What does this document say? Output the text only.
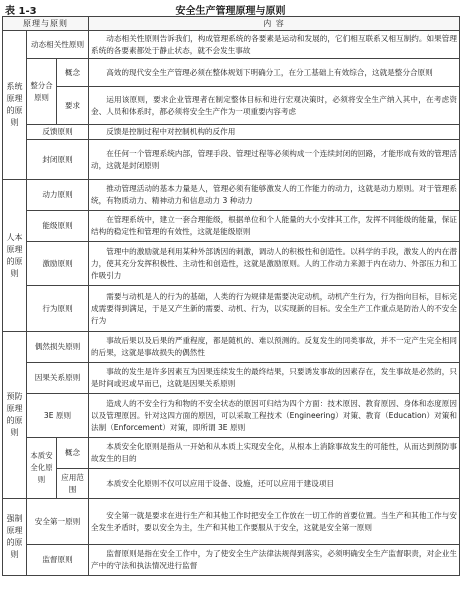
表 1-3	安全生产管理原理与原则
原理与原则			内 容
系统原理的原则	动态相关性原则		动态相关性原则告诉我们，构成管理系统的各要素是运动和发展的，它们相互联系又相互制约。如果管理系统的各要素都处于静止状态，就不会发生事故
	整分合原则	概念	高效的现代安全生产管理必须在整体规划下明确分工，在分工基础上有效综合，这就是整分合原则
		要求	运用该原则，要求企业管理者在制定整体目标和进行宏观决策时，必须将安全生产纳入其中，在考虑资金、人员和体系时，都必须将安全生产作为一项重要内容考虑
	反馈原则		反馈是控制过程中对控制机构的反作用
	封闭原则		在任何一个管理系统内部，管理手段、管理过程等必须构成一个连续封闭的回路，才能形成有效的管理活动，这就是封闭原则
人本原理的原则	动力原则		推动管理活动的基本力量是人，管理必须有能够激发人的工作能力的动力，这就是动力原则。对于管理系统，有物质动力、精神动力和信息动力 3 种动力
	能级原则		在管理系统中，建立一套合理能级，根据单位和个人能量的大小安排其工作，发挥不同能级的能量，保证结构的稳定性和管理的有效性，这就是能级原则
	激励原则		管理中的激励就是利用某种外部诱因的刺激，调动人的积极性和创造性。以科学的手段，激发人的内在潜力，使其充分发挥积极性、主动性和创造性，这就是激励原则。人的工作动力来源于内在动力、外部压力和工作吸引力
	行为原则		需要与动机是人的行为的基础，人类的行为规律是需要决定动机，动机产生行为，行为指向目标，目标完成需要得到满足，于是又产生新的需要、动机、行为，以实现新的目标。安全生产工作重点是防治人的不安全行为
预防原理的原则	偶然损失原则		事故后果以及后果的严重程度，都是随机的、难以预测的。反复发生的同类事故，并不一定产生完全相同的后果，这就是事故损失的偶然性
	因果关系原则		事故的发生是许多因素互为因果连续发生的最终结果，只要诱发事故的因素存在，发生事故是必然的，只是时间或迟或早而已，这就是因果关系原则
	3E 原则		造成人的不安全行为和物的不安全状态的原因可归结为四个方面：技术原因、教育原因、身体和态度原因以及管理原因。针对这四方面的原因，可以采取工程技术（Engineering）对策、教育（Education）对策和法制（Enforcement）对策，即所谓 3E 原则
	本质安全化原则	概念	本质安全化原则是指从一开始和从本质上实现安全化，从根本上消除事故发生的可能性，从而达到预防事故发生的目的
		应用范围	本质安全化原则不仅可以应用于设备、设施，还可以应用于建设项目
强制原理的原则	安全第一原则		安全第一就是要求在进行生产和其他工作时把安全工作放在一切工作的首要位置。当生产和其他工作与安全发生矛盾时，要以安全为主，生产和其他工作要服从于安全，这就是安全第一原则
	监督原则		监督原则是指在安全工作中，为了使安全生产法律法规得到落实，必须明确安全生产监督职责，对企业生产中的守法和执法情况进行监督
